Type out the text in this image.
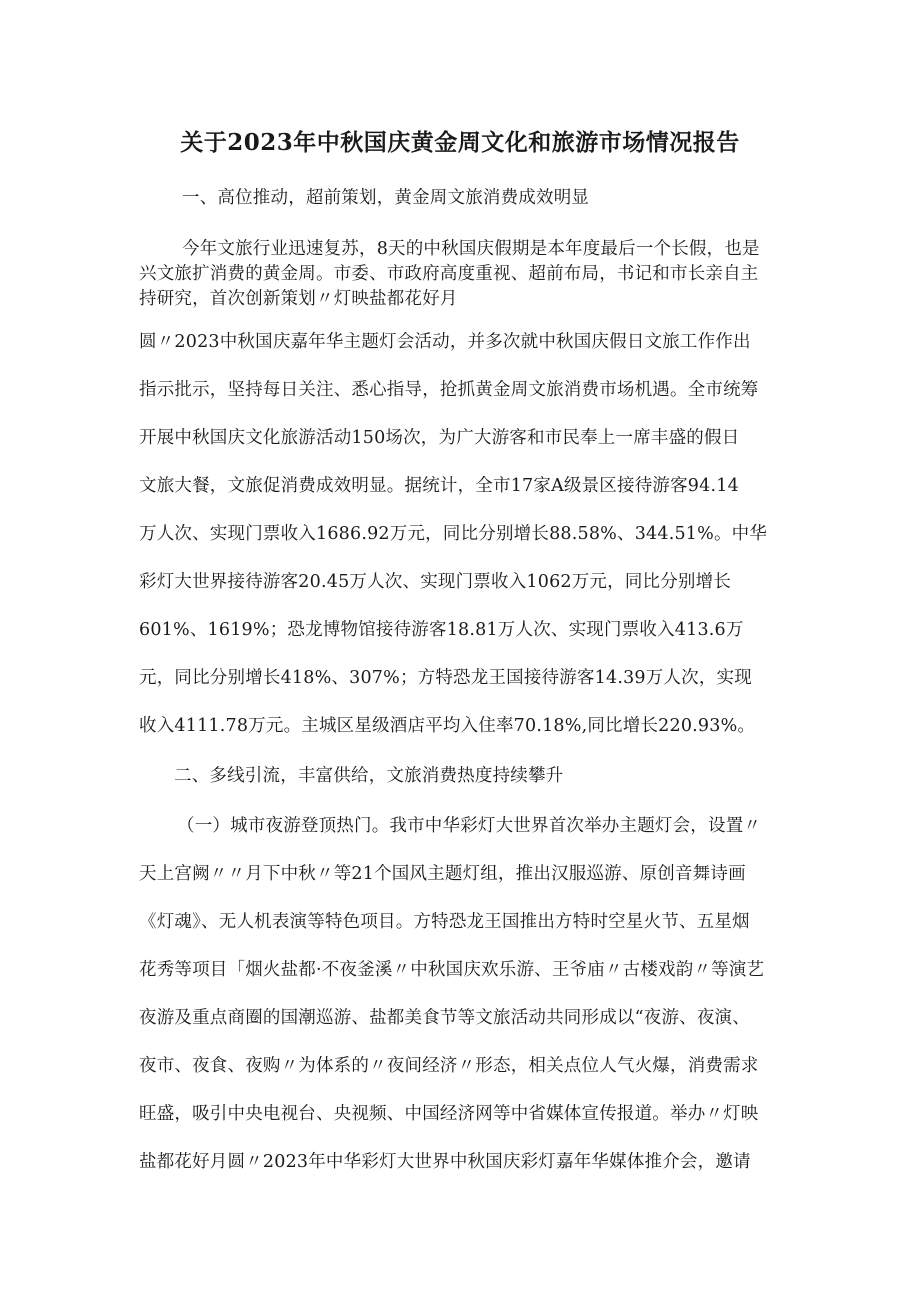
关于2023年中秋国庆黄金周文化和旅游市场情况报告
一、高位推动，超前策划，黄金周文旅消费成效明显
今年文旅行业迅速复苏，8天的中秋国庆假期是本年度最后一个长假，也是
兴文旅扩消费的黄金周。市委、市政府高度重视、超前布局，书记和市长亲自主
持研究，首次创新策划〃灯映盐都花好月
圆〃2023中秋国庆嘉年华主题灯会活动，并多次就中秋国庆假日文旅工作作出
指示批示，坚持每日关注、悉心指导，抢抓黄金周文旅消费市场机遇。全市统筹
开展中秋国庆文化旅游活动150场次，为广大游客和市民奉上一席丰盛的假日
文旅大餐，文旅促消费成效明显。据统计，全市17家A级景区接待游客94.14
万人次、实现门票收入1686.92万元，同比分别增长88.58%、344.51%。中华
彩灯大世界接待游客20.45万人次、实现门票收入1062万元，同比分别增长
601%、1619%；恐龙博物馆接待游客18.81万人次、实现门票收入413.6万
元，同比分别增长418%、307%；方特恐龙王国接待游客14.39万人次，实现
收入4111.78万元。主城区星级酒店平均入住率70.18%,同比增长220.93%。
二、多线引流，丰富供给，文旅消费热度持续攀升
（一）城市夜游登顶热门。我市中华彩灯大世界首次举办主题灯会，设置〃
天上宫阙〃〃月下中秋〃等21个国风主题灯组，推出汉服巡游、原创音舞诗画
《灯魂》、无人机表演等特色项目。方特恐龙王国推出方特时空星火节、五星烟
花秀等项目「烟火盐都·不夜釜溪〃中秋国庆欢乐游、王爷庙〃古楼戏韵〃等演艺
夜游及重点商圈的国潮巡游、盐都美食节等文旅活动共同形成以“夜游、夜演、
夜市、夜食、夜购〃为体系的〃夜间经济〃形态，相关点位人气火爆，消费需求
旺盛，吸引中央电视台、央视频、中国经济网等中省媒体宣传报道。举办〃灯映
盐都花好月圆〃2023年中华彩灯大世界中秋国庆彩灯嘉年华媒体推介会，邀请
